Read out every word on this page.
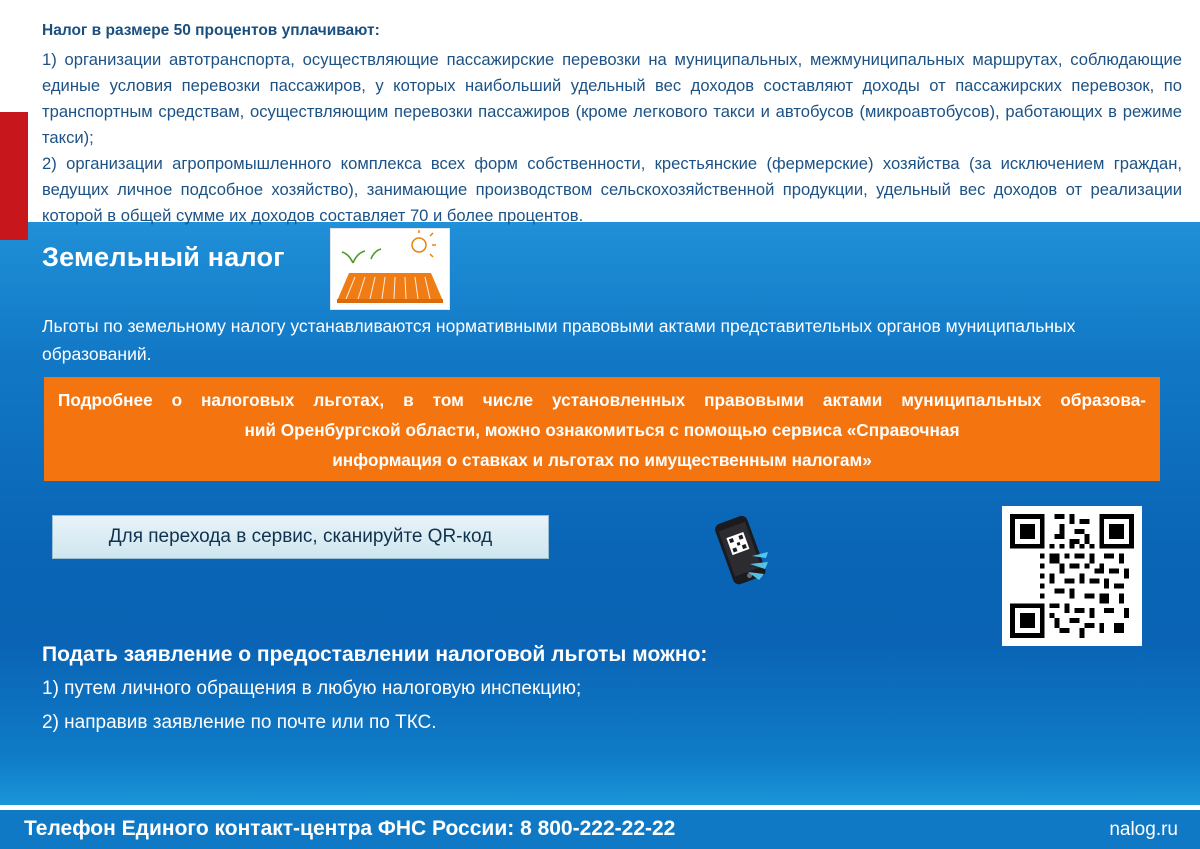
Налог в размере 50 процентов уплачивают:
1) организации автотранспорта, осуществляющие пассажирские перевозки на муниципальных, межмуниципальных маршрутах, соблюдающие единые условия перевозки пассажиров, у которых наибольший удельный вес доходов составляют доходы от пассажирских перевозок, по транспортным средствам, осуществляющим перевозки пассажиров (кроме легкового такси и автобусов (микроавтобусов), работающих в режиме такси);
2) организации агропромышленного комплекса всех форм собственности, крестьянские (фермерские) хозяйства (за исключением граждан, ведущих личное подсобное хозяйство), занимающие производством сельскохозяйственной продукции, удельный вес доходов от реализации которой в общей сумме их доходов составляет 70 и более процентов.
Земельный налог
Льготы по земельному налогу устанавливаются нормативными правовыми актами представительных органов муниципальных образований.
Подробнее о налоговых льготах, в том числе установленных правовыми актами муниципальных образова-
ний Оренбургской области, можно ознакомиться с помощью сервиса «Справочная
информация о ставках и льготах по имущественным налогам»
Для перехода в сервис, сканируйте QR-код
Подать заявление о предоставлении налоговой льготы можно:
1) путем личного обращения в любую налоговую инспекцию;
2) направив заявление по почте или по ТКС.
Телефон Единого контакт-центра ФНС России: 8 800-222-22-22	nalog.ru
